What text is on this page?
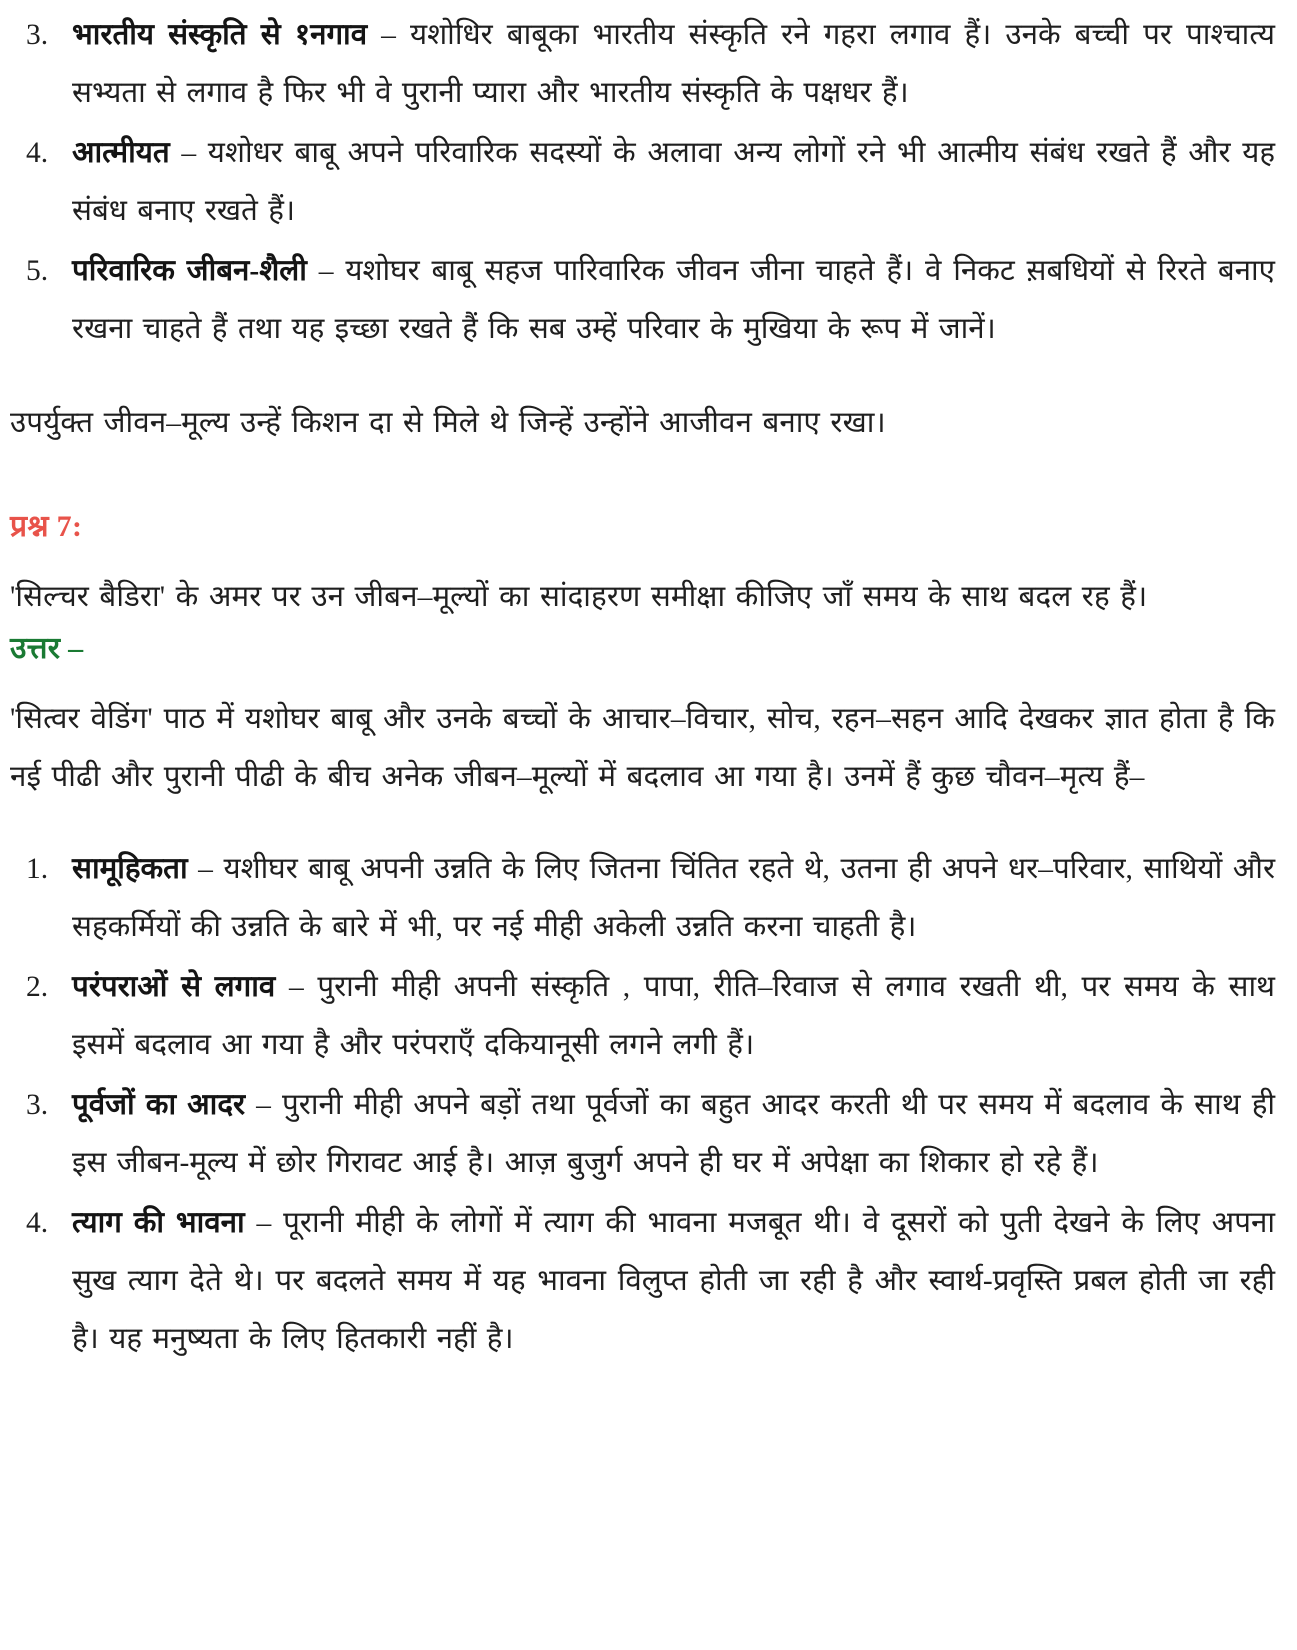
3. भारतीय संस्कृति से १नगाव – यशोधिर बाबूका भारतीय संस्कृति रने गहरा लगाव हैं। उनके बच्ची पर पाश्चात्य सभ्यता से लगाव है फिर भी वे पुरानी प्यारा और भारतीय संस्कृति के पक्षधर हैं।
4. आत्मीयत – यशोधर बाबू अपने परिवारिक सदस्यों के अलावा अन्य लोगों रने भी आत्मीय संबंध रखते हैं और यह संबंध बनाए रखते हैं।
5. परिवारिक जीबन-शैली – यशोघर बाबू सहज पारिवारिक जीवन जीना चाहते हैं। वे निकट स़बधियों से रिरते बनाए रखना चाहते हैं तथा यह इच्छा रखते हैं कि सब उम्हें परिवार के मुखिया के रूप में जानें।

उपर्युक्त जीवन–मूल्य उन्हें किशन दा से मिले थे जिन्हें उन्होंने आजीवन बनाए रखा।

प्रश्न 7:

'सिल्चर बैडिरा' के अमर पर उन जीबन–मूल्यों का सांदाहरण समीक्षा कीजिए जाँ समय के साथ बदल रह हैं।

उत्तर –

'सित्वर वेडिंग' पाठ में यशोघर बाबू और उनके बच्चों के आचार–विचार, सोच, रहन–सहन आदि देखकर ज्ञात होता है कि नई पीढी और पुरानी पीढी के बीच अनेक जीबन–मूल्यों में बदलाव आ गया है। उनमें हैं कुछ चौवन–मृत्य हैं–

1. सामूहिकता – यशीघर बाबू अपनी उन्नति के लिए जितना चिंतित रहते थे, उतना ही अपने धर–परिवार, साथियों और सहकर्मियों की उन्नति के बारे में भी, पर नई मीही अकेली उन्नति करना चाहती है।
2. परंपराओं से लगाव – पुरानी मीही अपनी संस्कृति , पापा, रीति–रिवाज से लगाव रखती थी, पर समय के साथ इसमें बदलाव आ गया है और परंपराएँ दकियानूसी लगने लगी हैं।
3. पूर्वजों का आदर – पुरानी मीही अपने बड़ों तथा पूर्वजों का बहुत आदर करती थी पर समय में बदलाव के साथ ही इस जीबन-मूल्य में छोर गिरावट आई है। आज़ बुजुर्ग अपने ही घर में अपेक्षा का शिकार हो रहे हैं।
4. त्याग की भावना – पूरानी मीही के लोगों में त्याग की भावना मजबूत थी। वे दूसरों को पुती देखने के लिए अपना सुख त्याग देते थे। पर बदलते समय में यह भावना विलुप्त होती जा रही है और स्वार्थ-प्रवृस्ति प्रबल होती जा रही है। यह मनुष्यता के लिए हितकारी नहीं है।
